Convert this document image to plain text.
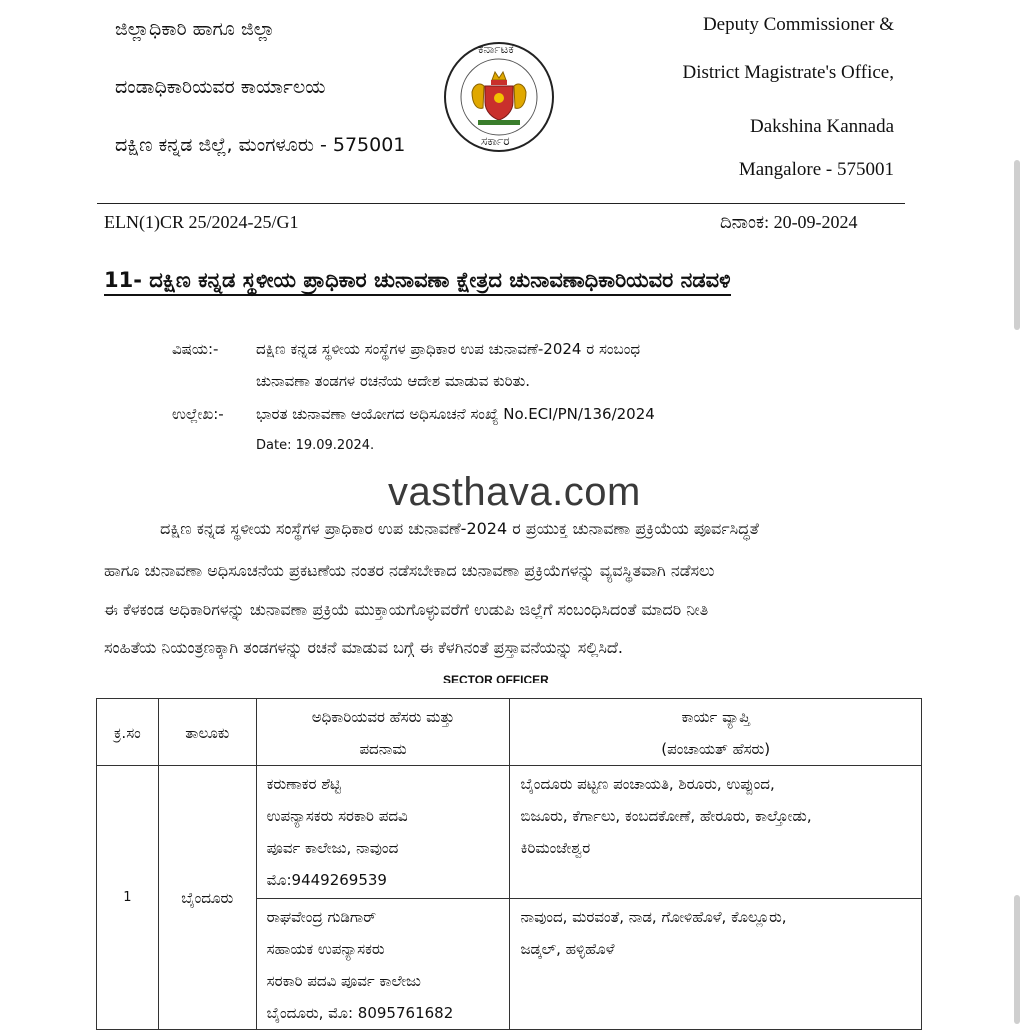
ಜಿಲ್ಲಾಧಿಕಾರಿ ಹಾಗೂ ಜಿಲ್ಲಾ
ದಂಡಾಧಿಕಾರಿಯವರ ಕಾರ್ಯಾಲಯ
ದಕ್ಷಿಣ ಕನ್ನಡ ಜಿಲ್ಲೆ, ಮಂಗಳೂರು - 575001
ಕರ್ನಾಟಕ
ಸರ್ಕಾರ
Deputy Commissioner &
District Magistrate's Office,
Dakshina Kannada
Mangalore - 575001
ELN(1)CR 25/2024-25/G1	ದಿನಾಂಕ: 20-09-2024
11- ದಕ್ಷಿಣ ಕನ್ನಡ ಸ್ಥಳೀಯ ಪ್ರಾಧಿಕಾರ ಚುನಾವಣಾ ಕ್ಷೇತ್ರದ ಚುನಾವಣಾಧಿಕಾರಿಯವರ ನಡವಳಿ
ವಿಷಯ:-	ದಕ್ಷಿಣ ಕನ್ನಡ ಸ್ಥಳೀಯ ಸಂಸ್ಥೆಗಳ ಪ್ರಾಧಿಕಾರ ಉಪ ಚುನಾವಣೆ-2024 ರ ಸಂಬಂಧ
ಚುನಾವಣಾ ತಂಡಗಳ ರಚನೆಯ ಆದೇಶ ಮಾಡುವ ಕುರಿತು.
ಉಲ್ಲೇಖ:- ಭಾರತ ಚುನಾವಣಾ ಆಯೋಗದ ಅಧಿಸೂಚನೆ ಸಂಖ್ಯೆ No.ECI/PN/136/2024
Date: 19.09.2024.
vasthava.com
ದಕ್ಷಿಣ ಕನ್ನಡ ಸ್ಥಳೀಯ ಸಂಸ್ಥೆಗಳ ಪ್ರಾಧಿಕಾರ ಉಪ ಚುನಾವಣೆ-2024 ರ ಪ್ರಯುಕ್ತ ಚುನಾವಣಾ ಪ್ರಕ್ರಿಯೆಯ ಪೂರ್ವಸಿದ್ಧತೆ
ಹಾಗೂ ಚುನಾವಣಾ ಅಧಿಸೂಚನೆಯ ಪ್ರಕಟಣೆಯ ನಂತರ ನಡೆಸಬೇಕಾದ ಚುನಾವಣಾ ಪ್ರಕ್ರಿಯೆಗಳನ್ನು ವ್ಯವಸ್ಥಿತವಾಗಿ ನಡೆಸಲು
ಈ ಕೆಳಕಂಡ ಅಧಿಕಾರಿಗಳನ್ನು ಚುನಾವಣಾ ಪ್ರಕ್ರಿಯೆ ಮುಕ್ತಾಯಗೊಳ್ಳುವರೆಗೆ ಉಡುಪಿ ಜಿಲ್ಲೆಗೆ ಸಂಬಂಧಿಸಿದಂತೆ ಮಾದರಿ ನೀತಿ
ಸಂಹಿತೆಯ ನಿಯಂತ್ರಣಕ್ಕಾಗಿ ತಂಡಗಳನ್ನು ರಚನೆ ಮಾಡುವ ಬಗ್ಗೆ ಈ ಕೆಳಗಿನಂತೆ ಪ್ರಸ್ತಾವನೆಯನ್ನು ಸಲ್ಲಿಸಿದೆ.
SECTOR OFFICER
ಕ್ರ.ಸಂ	ತಾಲೂಕು	ಅಧಿಕಾರಿಯವರ ಹೆಸರು ಮತ್ತು
ಪದನಾಮ	ಕಾರ್ಯ ವ್ಯಾಪ್ತಿ
(ಪಂಚಾಯತ್ ಹೆಸರು)

1	ಬೈಂದೂರು	ಕರುಣಾಕರ ಶೆಟ್ಟಿ
ಉಪನ್ಯಾಸಕರು ಸರಕಾರಿ ಪದವಿ
ಪೂರ್ವ ಕಾಲೇಜು, ನಾವುಂದ
ಮೊ:9449269539	ಬೈಂದೂರು ಪಟ್ಟಣ ಪಂಚಾಯತಿ, ಶಿರೂರು, ಉಪ್ಪುಂದ,
ಬಿಜೂರು, ಕೆರ್ಗಾಲು, ಕಂಬದಕೋಣೆ, ಹೇರೂರು, ಕಾಲ್ತೋಡು,
ಕಿರಿಮಂಜೇಶ್ವರ

		ರಾಘವೇಂದ್ರ ಗುಡಿಗಾರ್
ಸಹಾಯಕ ಉಪನ್ಯಾಸಕರು
ಸರಕಾರಿ ಪದವಿ ಪೂರ್ವ ಕಾಲೇಜು
ಬೈಂದೂರು, ಮೊ: 8095761682	ನಾವುಂದ, ಮರವಂತೆ, ನಾಡ, ಗೋಳಿಹೊಳೆ, ಕೊಲ್ಲೂರು,
ಜಡ್ಕಲ್, ಹಳ್ಳಿಹೊಳೆ
